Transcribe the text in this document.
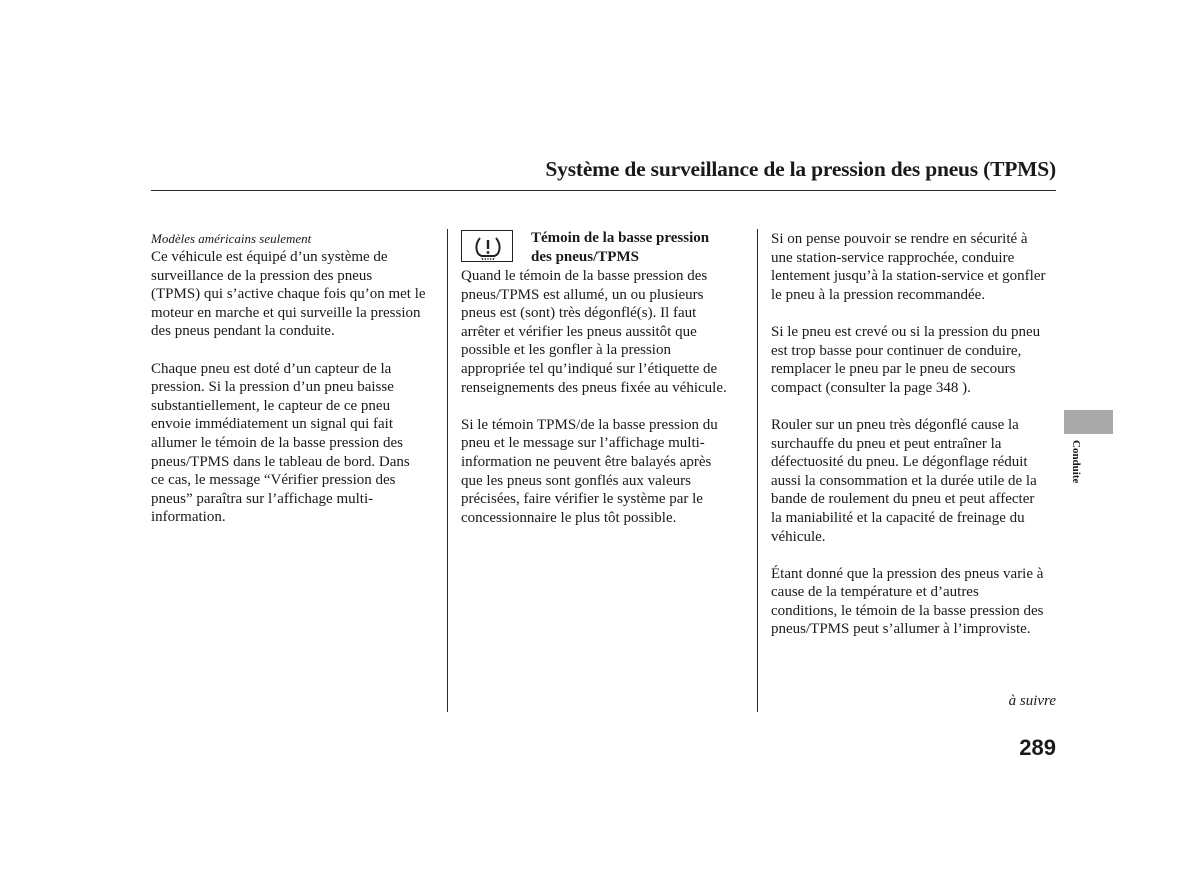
Système de surveillance de la pression des pneus (TPMS)
Modèles américains seulement

Ce véhicule est équipé d’un système de
surveillance de la pression des pneus
(TPMS) qui s’active chaque fois qu’on met le
moteur en marche et qui surveille la pression
des pneus pendant la conduite.

Chaque pneu est doté d’un capteur de la
pression. Si la pression d’un pneu baisse
substantiellement, le capteur de ce pneu
envoie immédiatement un signal qui fait
allumer le témoin de la basse pression des
pneus/TPMS dans le tableau de bord. Dans
ce cas, le message “Vérifier pression des
pneus” paraîtra sur l’affichage multi-
information.

Témoin de la basse pression
des pneus/TPMS

Quand le témoin de la basse pression des
pneus/TPMS est allumé, un ou plusieurs
pneus est (sont) très dégonflé(s). Il faut
arrêter et vérifier les pneus aussitôt que
possible et les gonfler à la pression
appropriée tel qu’indiqué sur l’étiquette de
renseignements des pneus fixée au véhicule.

Si le témoin TPMS/de la basse pression du
pneu et le message sur l’affichage multi-
information ne peuvent être balayés après
que les pneus sont gonflés aux valeurs
précisées, faire vérifier le système par le
concessionnaire le plus tôt possible.

Si on pense pouvoir se rendre en sécurité à
une station-service rapprochée, conduire
lentement jusqu’à la station-service et gonfler
le pneu à la pression recommandée.

Si le pneu est crevé ou si la pression du pneu
est trop basse pour continuer de conduire,
remplacer le pneu par le pneu de secours
compact (consulter la page 348 ).

Rouler sur un pneu très dégonflé cause la
surchauffe du pneu et peut entraîner la
défectuosité du pneu. Le dégonflage réduit
aussi la consommation et la durée utile de la
bande de roulement du pneu et peut affecter
la maniabilité et la capacité de freinage du
véhicule.

Étant donné que la pression des pneus varie à
cause de la température et d’autres
conditions, le témoin de la basse pression des
pneus/TPMS peut s’allumer à l’improviste.

à suivre
289
Conduite
